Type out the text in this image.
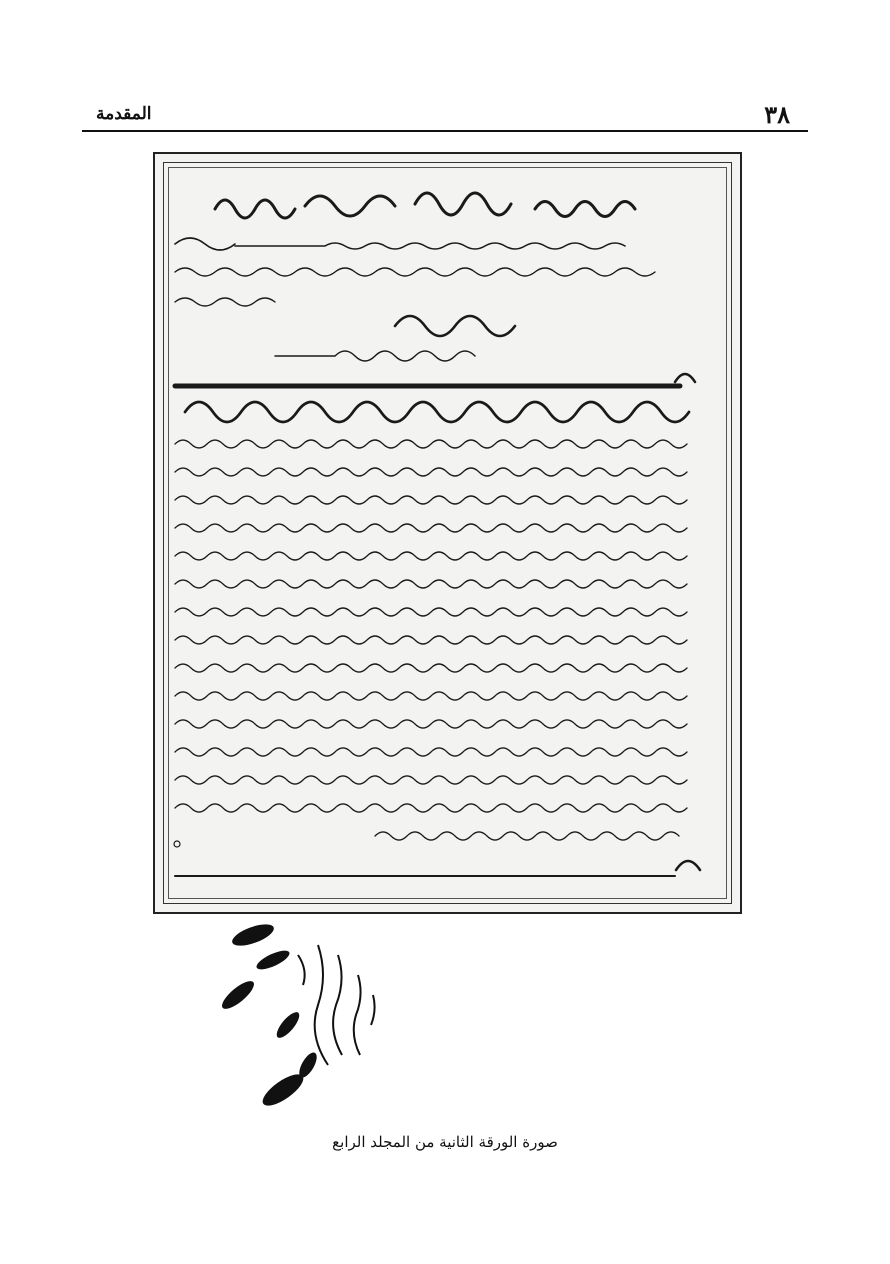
٣٨
المقدمة
صورة الورقة الثانية من المجلد الرابع
